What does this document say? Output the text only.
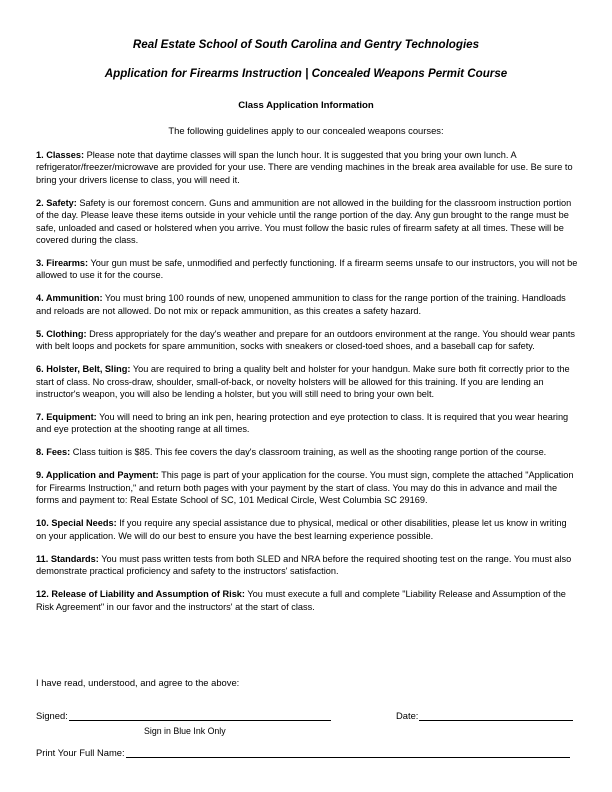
Real Estate School of South Carolina and Gentry Technologies
Application for Firearms Instruction | Concealed Weapons Permit Course
Class Application Information
The following guidelines apply to our concealed weapons courses:

1. Classes: Please note that daytime classes will span the lunch hour. It is suggested that you bring your own lunch. A refrigerator/freezer/microwave are provided for your use. There are vending machines in the break area available for use. Be sure to bring your drivers license to class, you will need it.

2. Safety: Safety is our foremost concern. Guns and ammunition are not allowed in the building for the classroom instruction portion of the day. Please leave these items outside in your vehicle until the range portion of the day. Any gun brought to the range must be safe, unloaded and cased or holstered when you arrive. You must follow the basic rules of firearm safety at all times. These will be covered during the class.

3. Firearms: Your gun must be safe, unmodified and perfectly functioning. If a firearm seems unsafe to our instructors, you will not be allowed to use it for the course.

4. Ammunition: You must bring 100 rounds of new, unopened ammunition to class for the range portion of the training. Handloads and reloads are not allowed. Do not mix or repack ammunition, as this creates a safety hazard.

5. Clothing: Dress appropriately for the day's weather and prepare for an outdoors environment at the range. You should wear pants with belt loops and pockets for spare ammunition, socks with sneakers or closed-toed shoes, and a baseball cap for safety.

6. Holster, Belt, Sling: You are required to bring a quality belt and holster for your handgun. Make sure both fit correctly prior to the start of class. No cross-draw, shoulder, small-of-back, or novelty holsters will be allowed for this training. If you are lending an instructor's weapon, you will also be lending a holster, but you will still need to bring your own belt.

7. Equipment: You will need to bring an ink pen, hearing protection and eye protection to class. It is required that you wear hearing and eye protection at the shooting range at all times.

8. Fees: Class tuition is $85. This fee covers the day's classroom training, as well as the shooting range portion of the course.

9. Application and Payment: This page is part of your application for the course. You must sign, complete the attached "Application for Firearms Instruction," and return both pages with your payment by the start of class. You may do this in advance and mail the forms and payment to: Real Estate School of SC, 101 Medical Circle, West Columbia SC 29169.

10. Special Needs: If you require any special assistance due to physical, medical or other disabilities, please let us know in writing on your application. We will do our best to ensure you have the best learning experience possible.

11. Standards: You must pass written tests from both SLED and NRA before the required shooting test on the range. You must also demonstrate practical proficiency and safety to the instructors' satisfaction.

12. Release of Liability and Assumption of Risk: You must execute a full and complete "Liability Release and Assumption of the Risk Agreement" in our favor and the instructors' at the start of class.

I have read, understood, and agree to the above:
Signed:	Date:
Sign in Blue Ink Only
Print Your Full Name:
